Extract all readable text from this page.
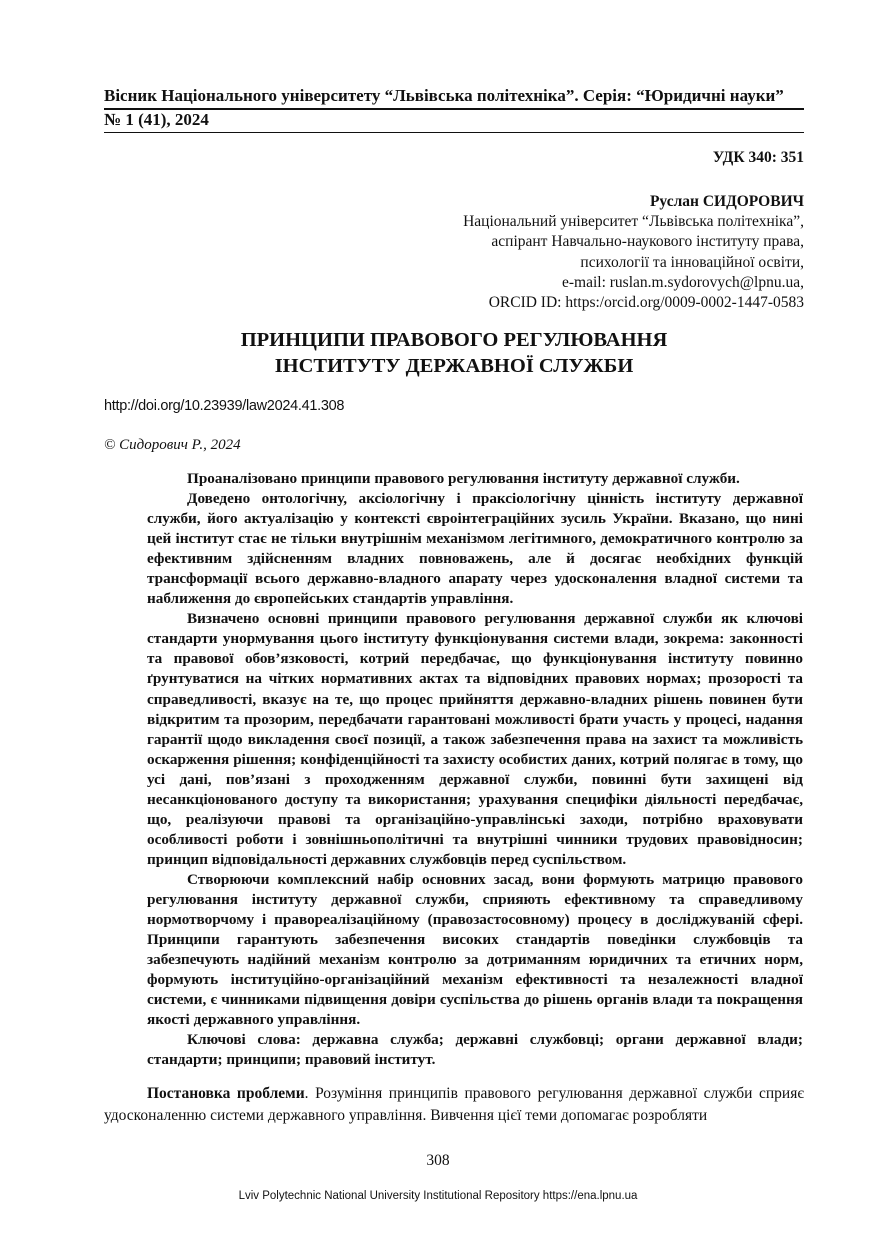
Вісник Національного університету “Львівська політехніка”. Серія: “Юридичні науки”
№ 1 (41), 2024
УДК 340: 351
Руслан СИДОРОВИЧ
Національний університет “Львівська політехніка”,
аспірант Навчально-наукового інституту права,
психології та інноваційної освіти,
e-mail: ruslan.m.sydorovych@lpnu.ua,
ORCID ID: https:/orcid.org/0009-0002-1447-0583
ПРИНЦИПИ ПРАВОВОГО РЕГУЛЮВАННЯ
ІНСТИТУТУ ДЕРЖАВНОЇ СЛУЖБИ
http://doi.org/10.23939/law2024.41.308
© Сидорович Р., 2024

Проаналізовано принципи правового регулювання інституту державної служби.

Доведено онтологічну, аксіологічну і праксіологічну цінність інституту державної служби, його актуалізацію у контексті євроінтеграційних зусиль України. Вказано, що нині цей інститут стає не тільки внутрішнім механізмом легітимного, демократичного контролю за ефективним здійсненням владних повноважень, але й досягає необхідних функцій трансформації всього державно-владного апарату через удосконалення владної системи та наближення до європейських стандартів управління.

Визначено основні принципи правового регулювання державної служби як ключові стандарти унормування цього інституту функціонування системи влади, зокрема: законності та правової обов’язковості, котрий передбачає, що функціонування інституту повинно ґрунтуватися на чітких нормативних актах та відповідних правових нормах; прозорості та справедливості, вказує на те, що процес прийняття державно-владних рішень повинен бути відкритим та прозорим, передбачати гарантовані можливості брати участь у процесі, надання гарантії щодо викладення своєї позиції, а також забезпечення права на захист та можливість оскарження рішення; конфіденційності та захисту особистих даних, котрий полягає в тому, що усі дані, пов’язані з проходженням державної служби, повинні бути захищені від несанкціонованого доступу та використання; урахування специфіки діяльності передбачає, що, реалізуючи правові та організаційно-управлінські заходи, потрібно враховувати особливості роботи і зовнішньополітичні та внутрішні чинники трудових правовідносин; принцип відповідальності державних службовців перед суспільством.

Створюючи комплексний набір основних засад, вони формують матрицю правового регулювання інституту державної служби, сприяють ефективному та справедливому нормотворчому і правореалізаційному (правозастосовному) процесу в досліджуваній сфері. Принципи гарантують забезпечення високих стандартів поведінки службовців та забезпечують надійний механізм контролю за дотриманням юридичних та етичних норм, формують інституційно-організаційний механізм ефективності та незалежності владної системи, є чинниками підвищення довіри суспільства до рішень органів влади та покращення якості державного управління.

Ключові слова: державна служба; державні службовці; органи державної влади; стандарти; принципи; правовий інститут.

Постановка проблеми. Розуміння принципів правового регулювання державної служби сприяє удосконаленню системи державного управління. Вивчення цієї теми допомагає розробляти

308
Lviv Polytechnic National University Institutional Repository https://ena.lpnu.ua
